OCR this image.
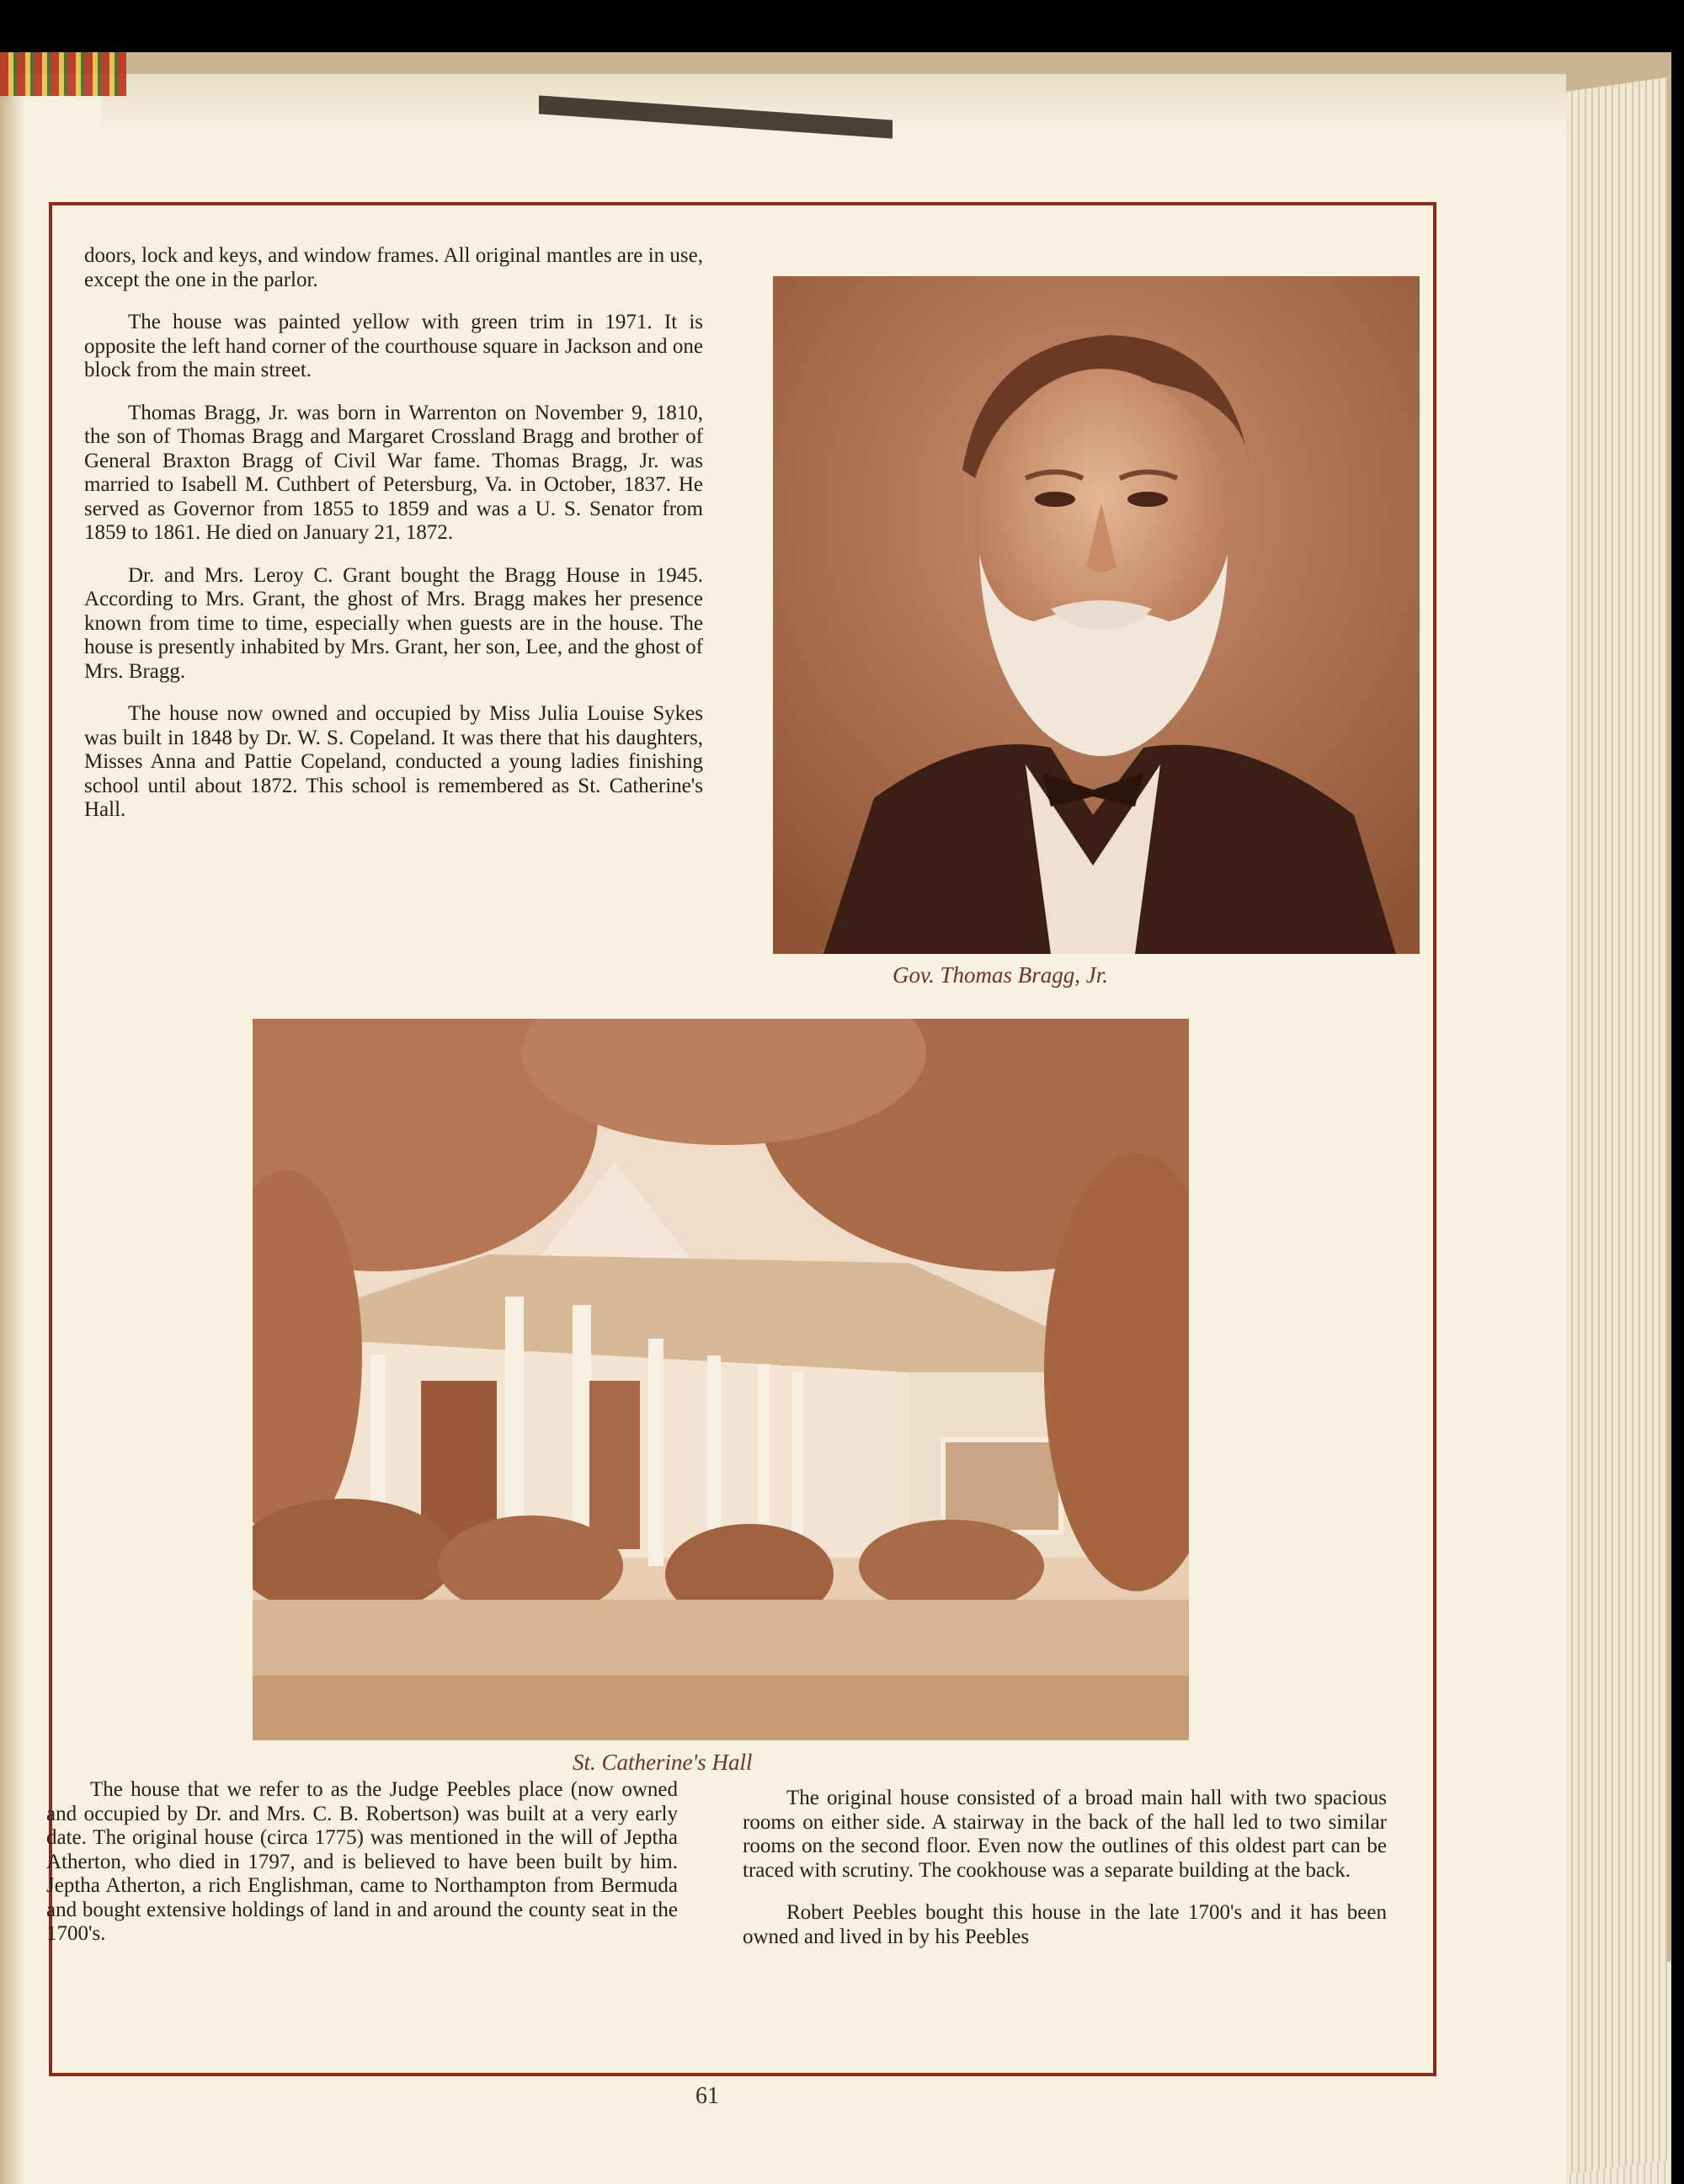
doors, lock and keys, and window frames. All original mantles are in use, except the one in the parlor.

The house was painted yellow with green trim in 1971. It is opposite the left hand corner of the courthouse square in Jackson and one block from the main street.

Thomas Bragg, Jr. was born in Warrenton on November 9, 1810, the son of Thomas Bragg and Margaret Crossland Bragg and brother of General Braxton Bragg of Civil War fame. Thomas Bragg, Jr. was married to Isabell M. Cuthbert of Petersburg, Va. in October, 1837. He served as Governor from 1855 to 1859 and was a U. S. Senator from 1859 to 1861. He died on January 21, 1872.

Dr. and Mrs. Leroy C. Grant bought the Bragg House in 1945. According to Mrs. Grant, the ghost of Mrs. Bragg makes her presence known from time to time, especially when guests are in the house. The house is presently inhabited by Mrs. Grant, her son, Lee, and the ghost of Mrs. Bragg.

The house now owned and occupied by Miss Julia Louise Sykes was built in 1848 by Dr. W. S. Copeland. It was there that his daughters, Misses Anna and Pattie Copeland, conducted a young ladies finishing school until about 1872. This school is remembered as St. Catherine's Hall.

Gov. Thomas Bragg, Jr.
St. Catherine's Hall

The house that we refer to as the Judge Peebles place (now owned and occupied by Dr. and Mrs. C. B. Robertson) was built at a very early date. The original house (circa 1775) was mentioned in the will of Jeptha Atherton, who died in 1797, and is believed to have been built by him. Jeptha Atherton, a rich Englishman, came to Northampton from Bermuda and bought extensive holdings of land in and around the county seat in the 1700's.

The original house consisted of a broad main hall with two spacious rooms on either side. A stairway in the back of the hall led to two similar rooms on the second floor. Even now the outlines of this oldest part can be traced with scrutiny. The cookhouse was a separate building at the back.

Robert Peebles bought this house in the late 1700's and it has been owned and lived in by his Peebles

61
